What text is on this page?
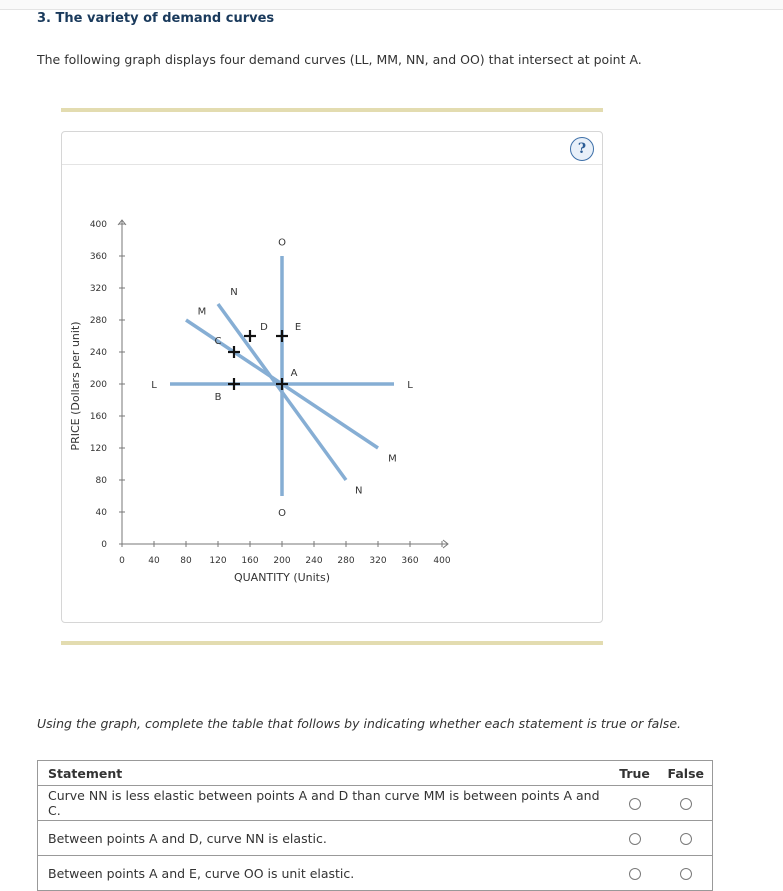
3. The variety of demand curves
The following graph displays four demand curves (LL, MM, NN, and OO) that intersect at point A.
?
0
40
80
120
160
200
240
280
320
360
400
0	40 80 120 160 200 240 280 320 360 400
L	L
M
M
N
N
O
O
A
B
C
D	E
PRICE (Dollars per unit)
QUANTITY (Units)
Using the graph, complete the table that follows by indicating whether each statement is true or false.
Statement	True	False
Curve NN is less elastic between points A and D than curve MM is between points A and C.		
Between points A and D, curve NN is elastic.		
Between points A and E, curve OO is unit elastic.		
